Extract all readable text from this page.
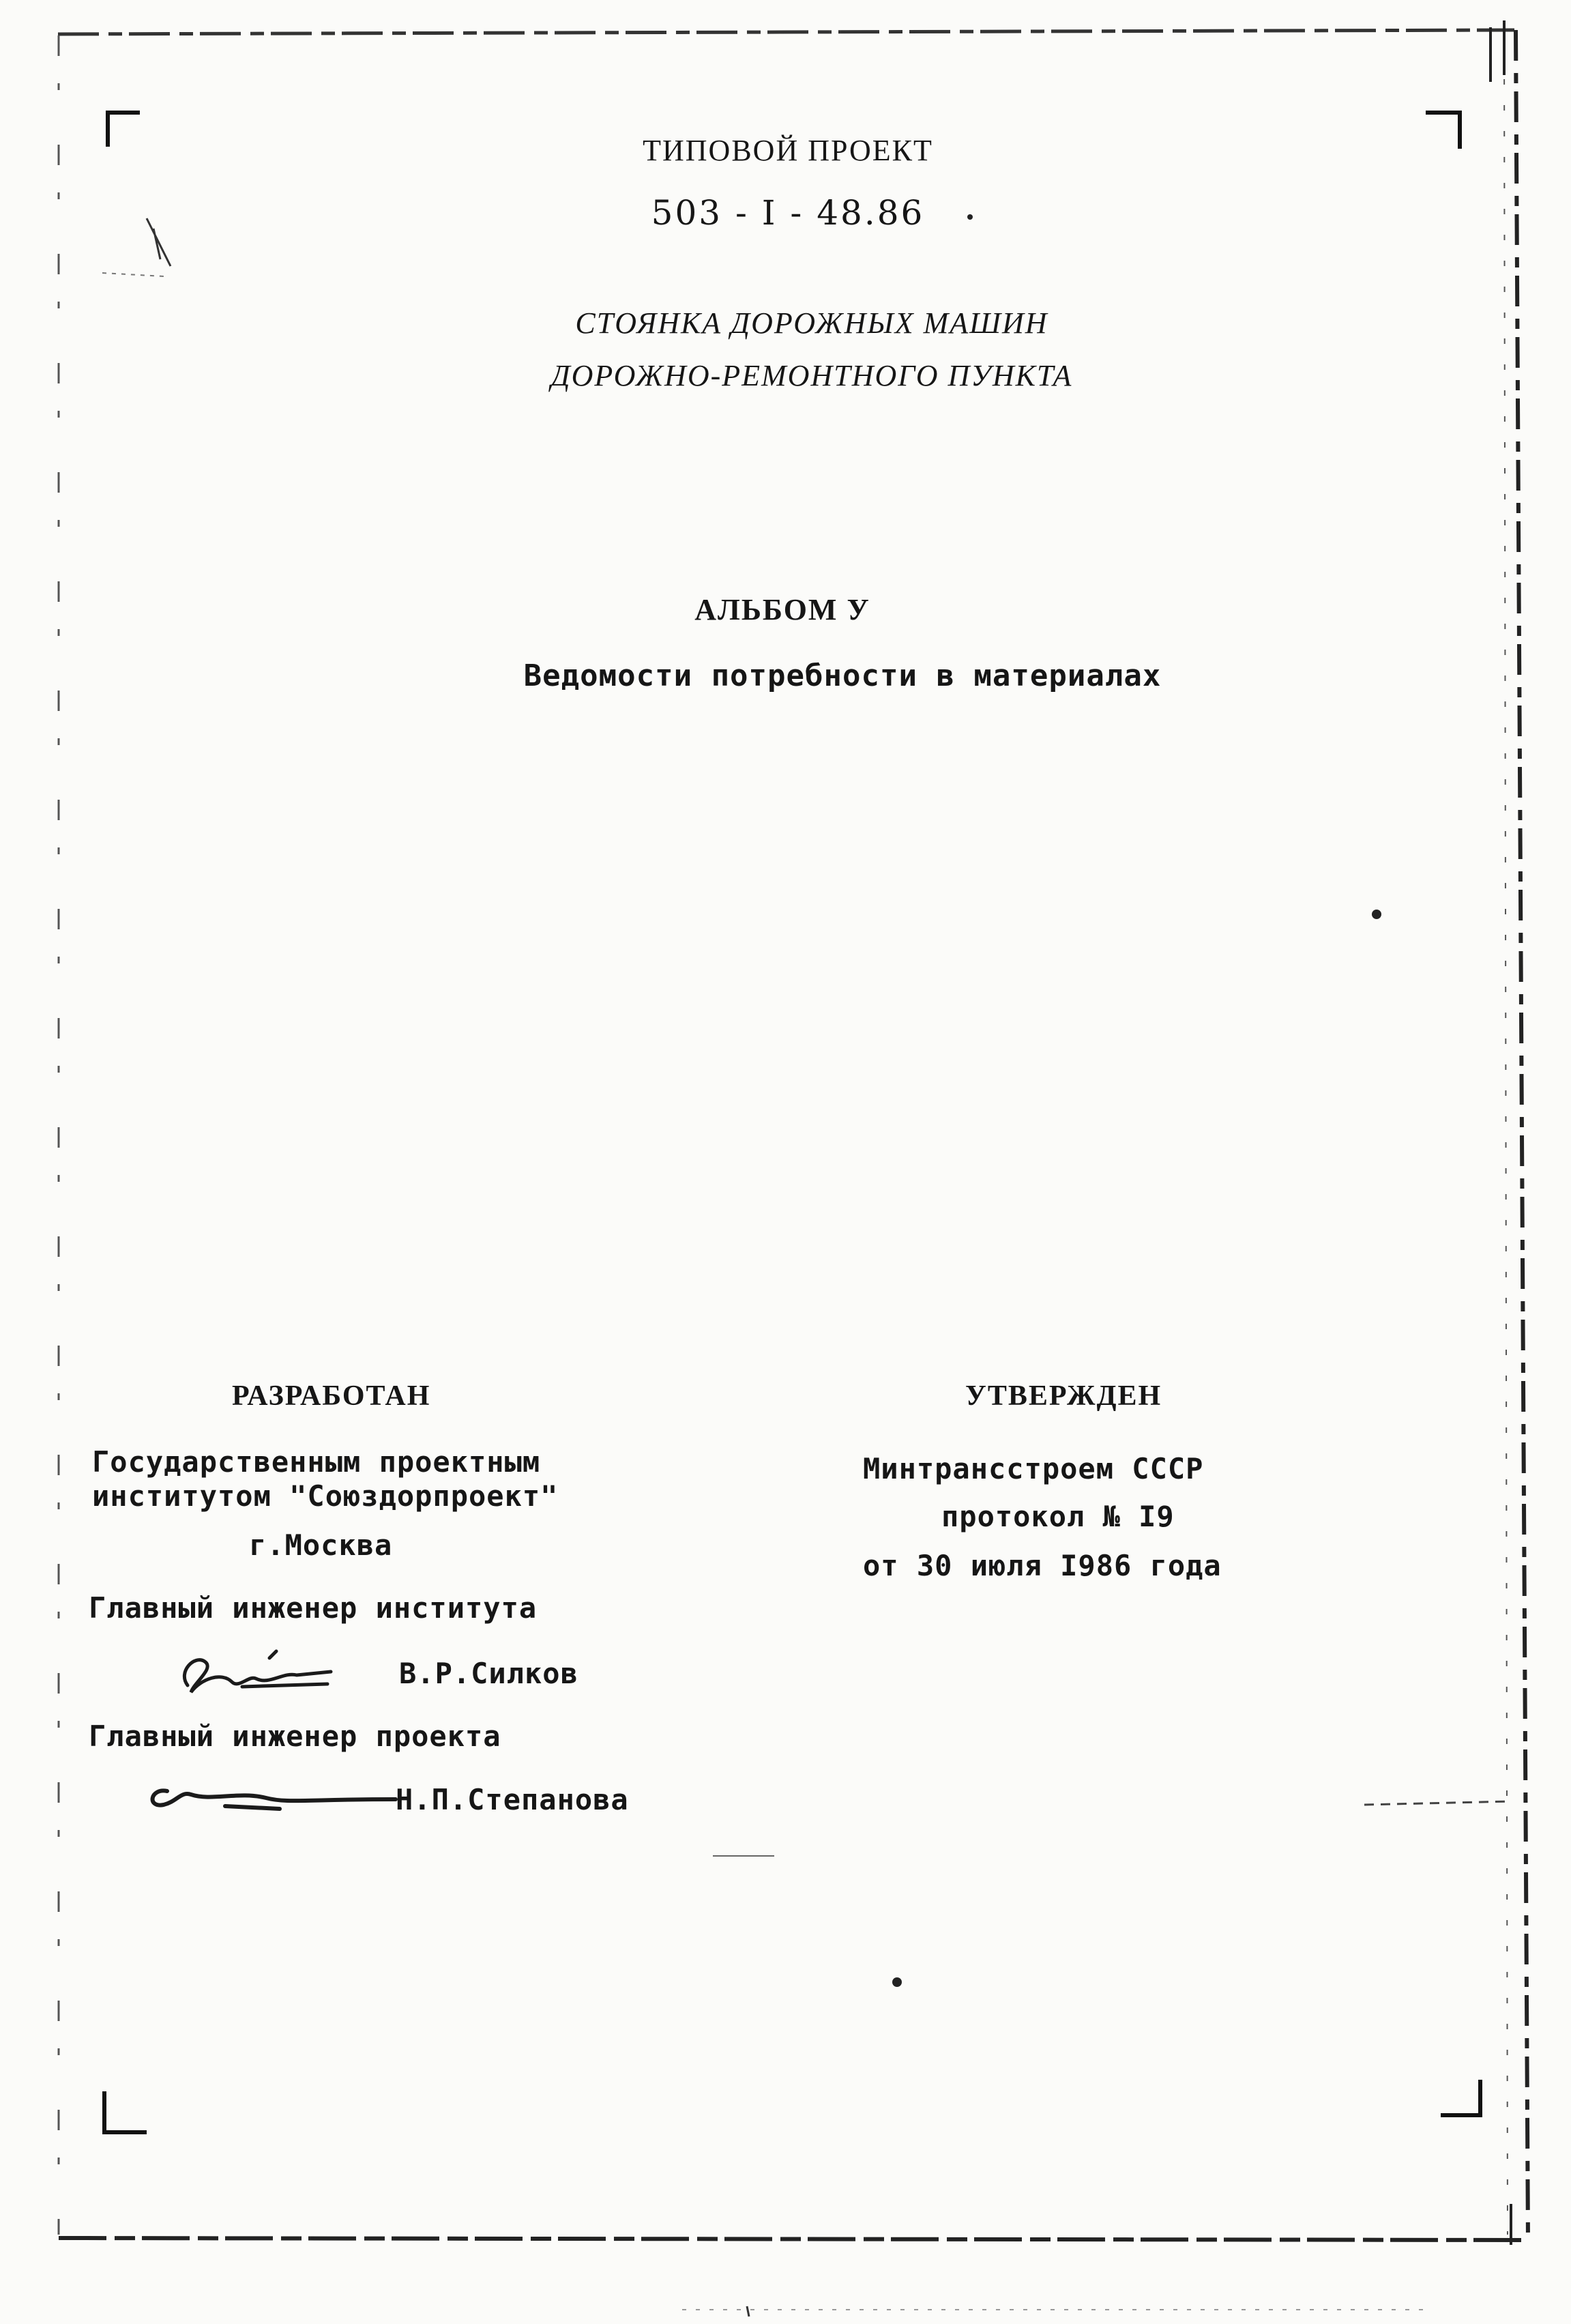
ТИПОВОЙ ПРОЕКТ
503 - I - 48.86
СТОЯНКА ДОРОЖНЫХ МАШИН
ДОРОЖНО-РЕМОНТНОГО ПУНКТА
АЛЬБОМ У
Ведомости потребности в материалах
РАЗРАБОТАН
Государственным проектным
институтом "Союздорпроект"
г.Москва
Главный инженер института
В.Р.Силков
Главный инженер проекта
Н.П.Степанова
УТВЕРЖДЕН
Минтрансстроем СССР
протокол № I9
от 30 июля I986 года
